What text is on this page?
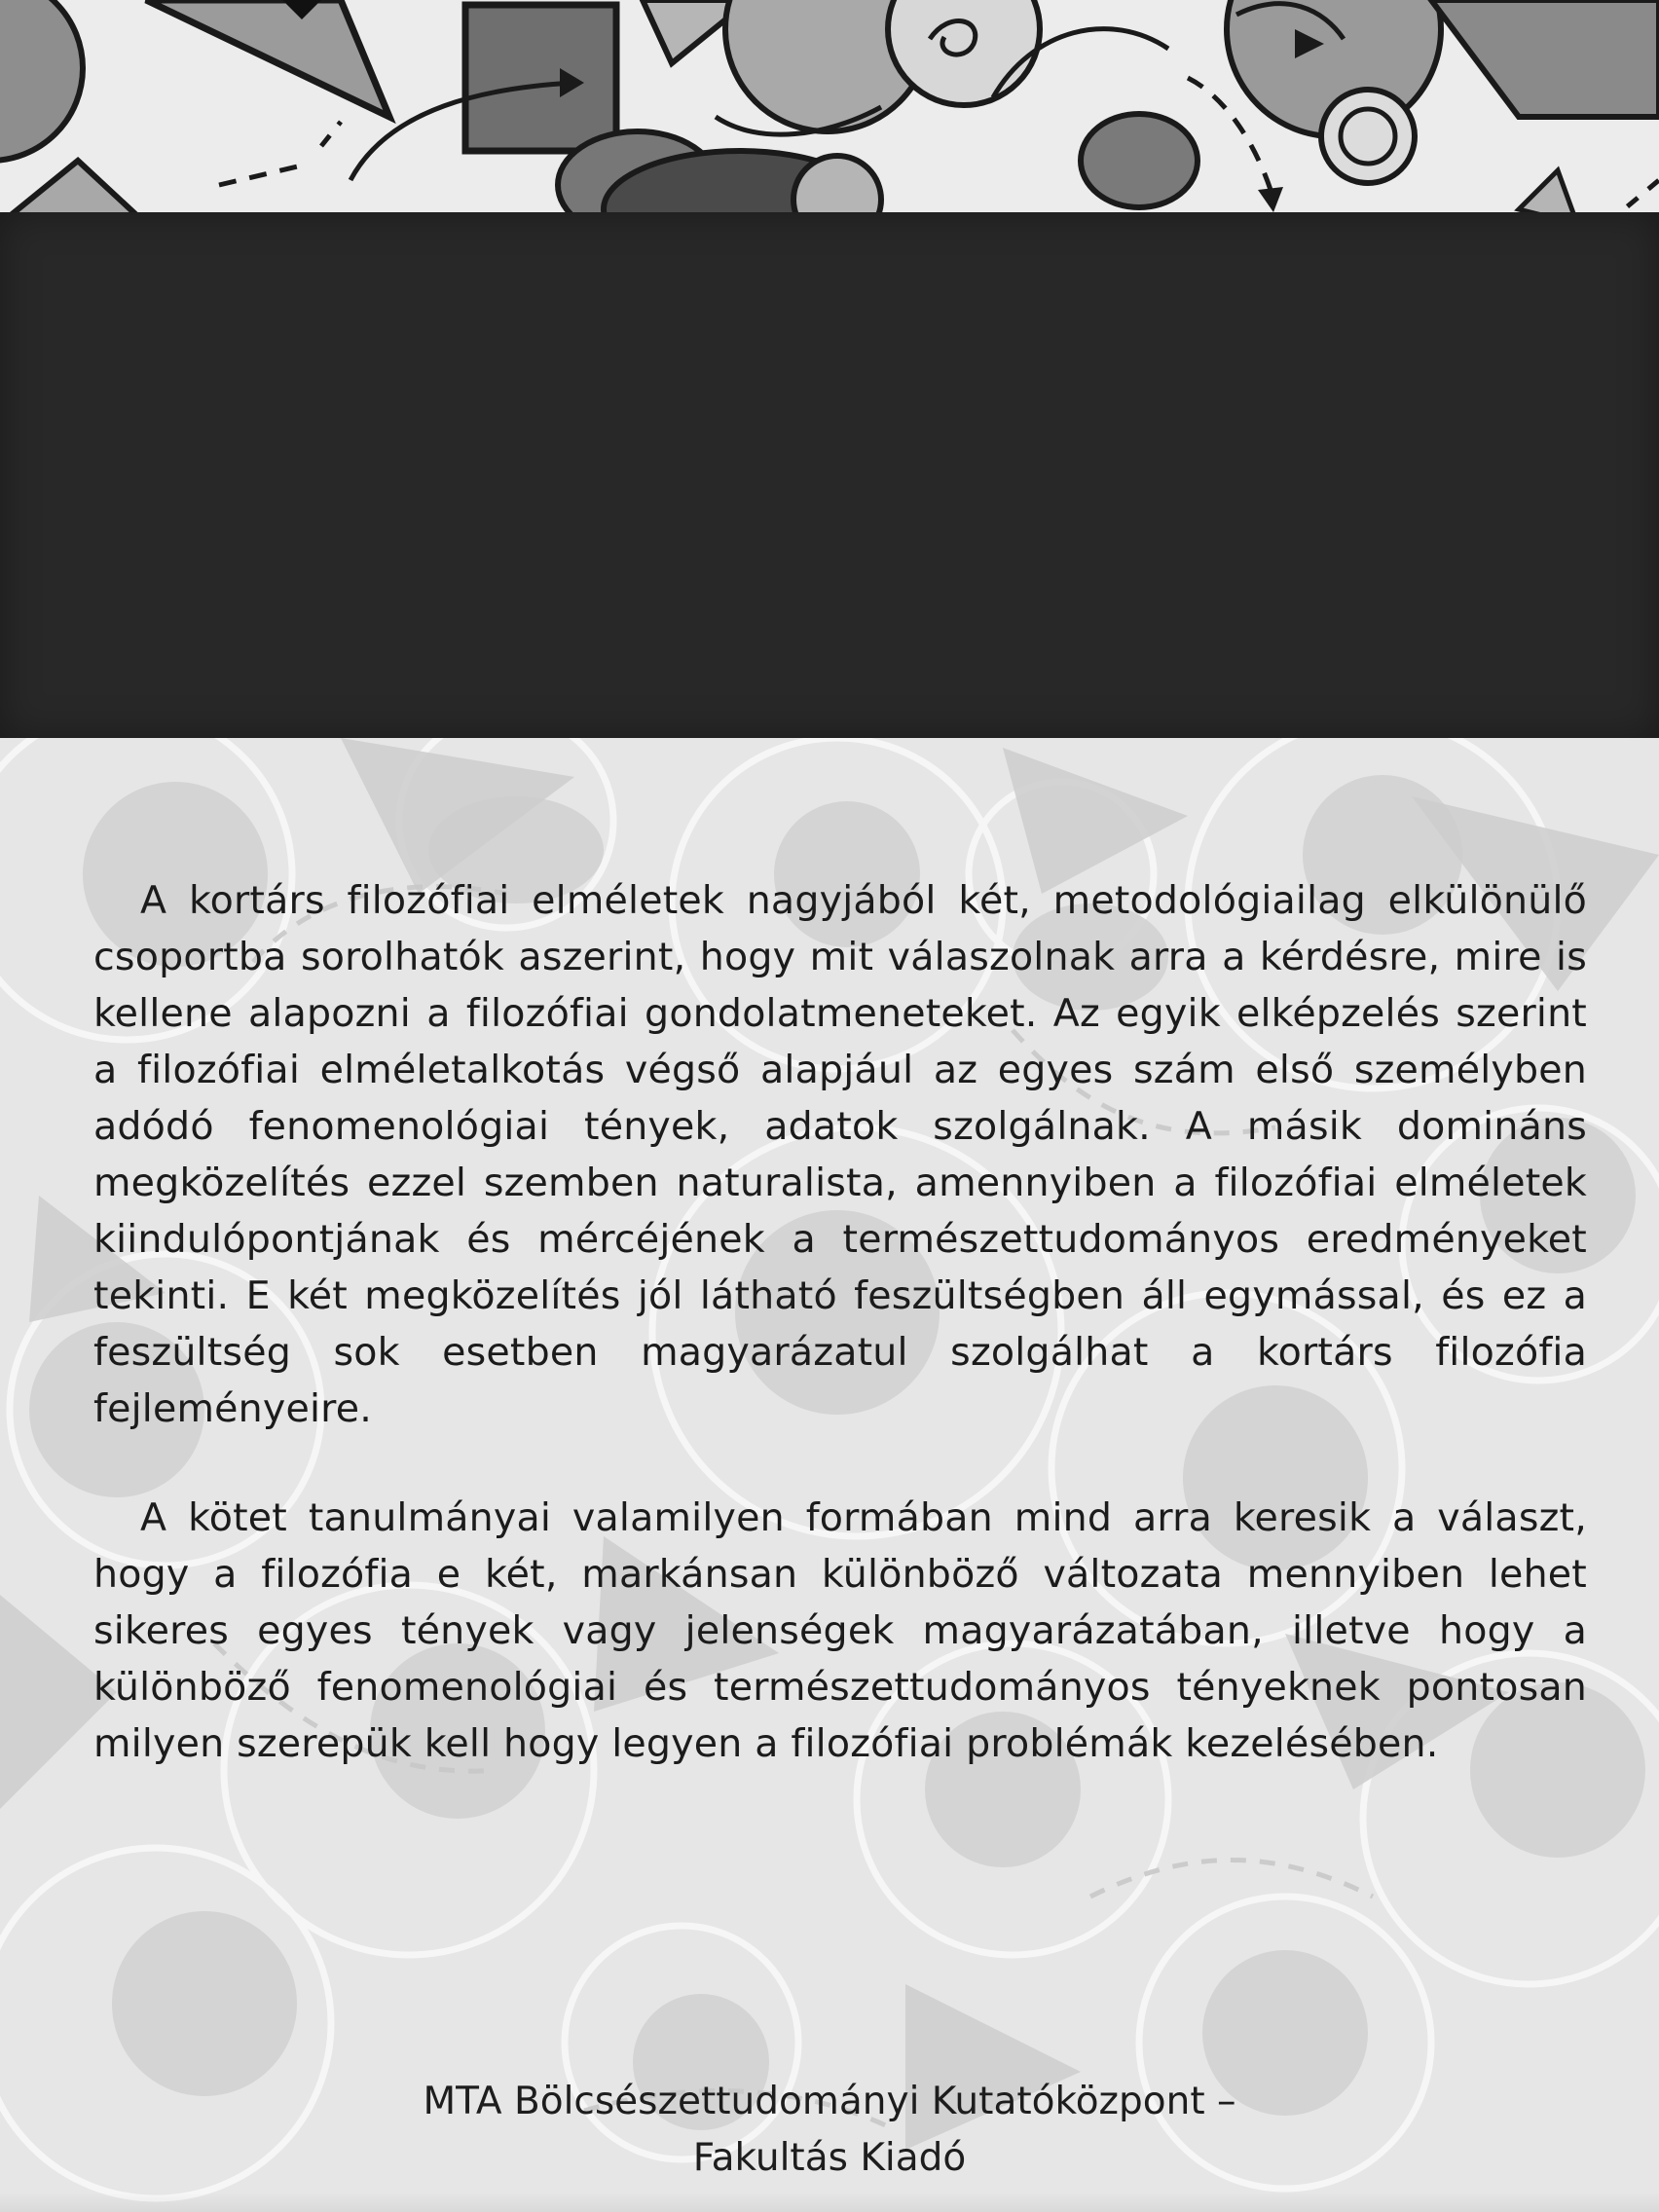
A kortárs filozófiai elméletek nagyjából két, metodológiailag elkülönülő csoportba sorolhatók aszerint, hogy mit válaszolnak arra a kérdésre, mire is kellene alapozni a filozófiai gondolatmeneteket. Az egyik elképzelés szerint a filozófiai elméletalkotás végső alapjául az egyes szám első személyben adódó fenomenológiai tények, adatok szolgálnak. A másik domináns megközelítés ezzel szemben naturalista, amennyiben a filozófiai elméletek kiindulópontjának és mércéjének a természettudományos eredményeket tekinti. E két megközelítés jól látható feszültségben áll egymással, és ez a feszültség sok esetben magyarázatul szolgálhat a kortárs filozófia fejleményeire.

A kötet tanulmányai valamilyen formában mind arra keresik a választ, hogy a filozófia e két, markánsan különböző változata mennyiben lehet sikeres egyes tények vagy jelenségek magyarázatában, illetve hogy a különböző fenomenológiai és természettudományos tényeknek pontosan milyen szerepük kell hogy legyen a filozófiai problémák kezelésében.

MTA Bölcsészettudományi Kutatóközpont –
Fakultás Kiadó
